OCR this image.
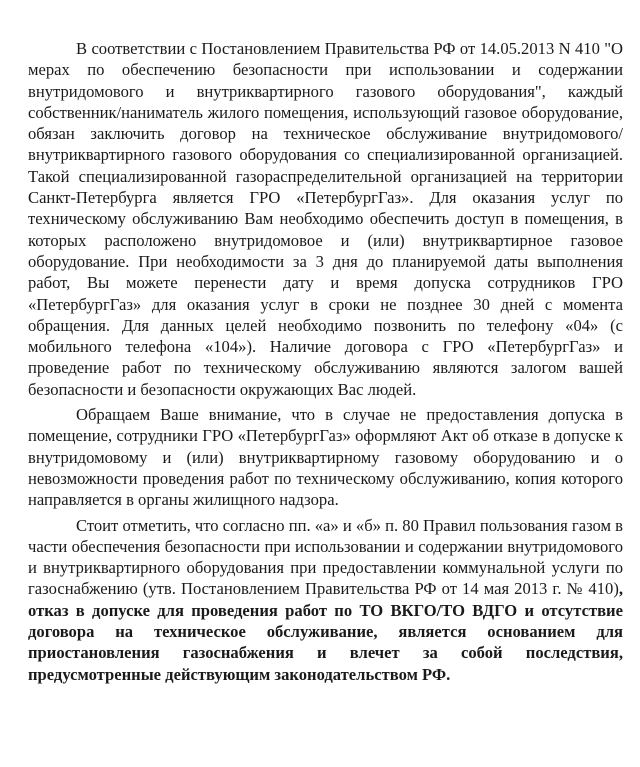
В соответствии с Постановлением Правительства РФ от 14.05.2013 N 410 "О мерах по обеспечению безопасности при использовании и содержании внутридомового и внутриквартирного газового оборудования", каждый собственник/наниматель жилого помещения, использующий газовое оборудование, обязан заключить договор на техническое обслуживание внутридомового/внутриквартирного газового оборудования со специализированной организацией. Такой специализированной газораспределительной организацией на территории Санкт-Петербурга является ГРО «ПетербургГаз». Для оказания услуг по техническому обслуживанию Вам необходимо обеспечить доступ в помещения, в которых расположено внутридомовое и (или) внутриквартирное газовое оборудование. При необходимости за 3 дня до планируемой даты выполнения работ, Вы можете перенести дату и время допуска сотрудников ГРО «ПетербургГаз» для оказания услуг в сроки не позднее 30 дней с момента обращения. Для данных целей необходимо позвонить по телефону «04» (с мобильного телефона «104»). Наличие договора с ГРО «ПетербургГаз» и проведение работ по техническому обслуживанию являются залогом вашей безопасности и безопасности окружающих Вас людей.

Обращаем Ваше внимание, что в случае не предоставления допуска в помещение, сотрудники ГРО «ПетербургГаз» оформляют Акт об отказе в допуске к внутридомовому и (или) внутриквартирному газовому оборудованию и о невозможности проведения работ по техническому обслуживанию, копия которого направляется в органы жилищного надзора.

Стоит отметить, что согласно пп. «а» и «б» п. 80 Правил пользования газом в части обеспечения безопасности при использовании и содержании внутридомового и внутриквартирного оборудования при предоставлении коммунальной услуги по газоснабжению (утв. Постановлением Правительства РФ от 14 мая 2013 г. № 410), отказ в допуске для проведения работ по ТО ВКГО/ТО ВДГО и отсутствие договора на техническое обслуживание, является основанием для приостановления газоснабжения и влечет за собой последствия, предусмотренные действующим законодательством РФ.
